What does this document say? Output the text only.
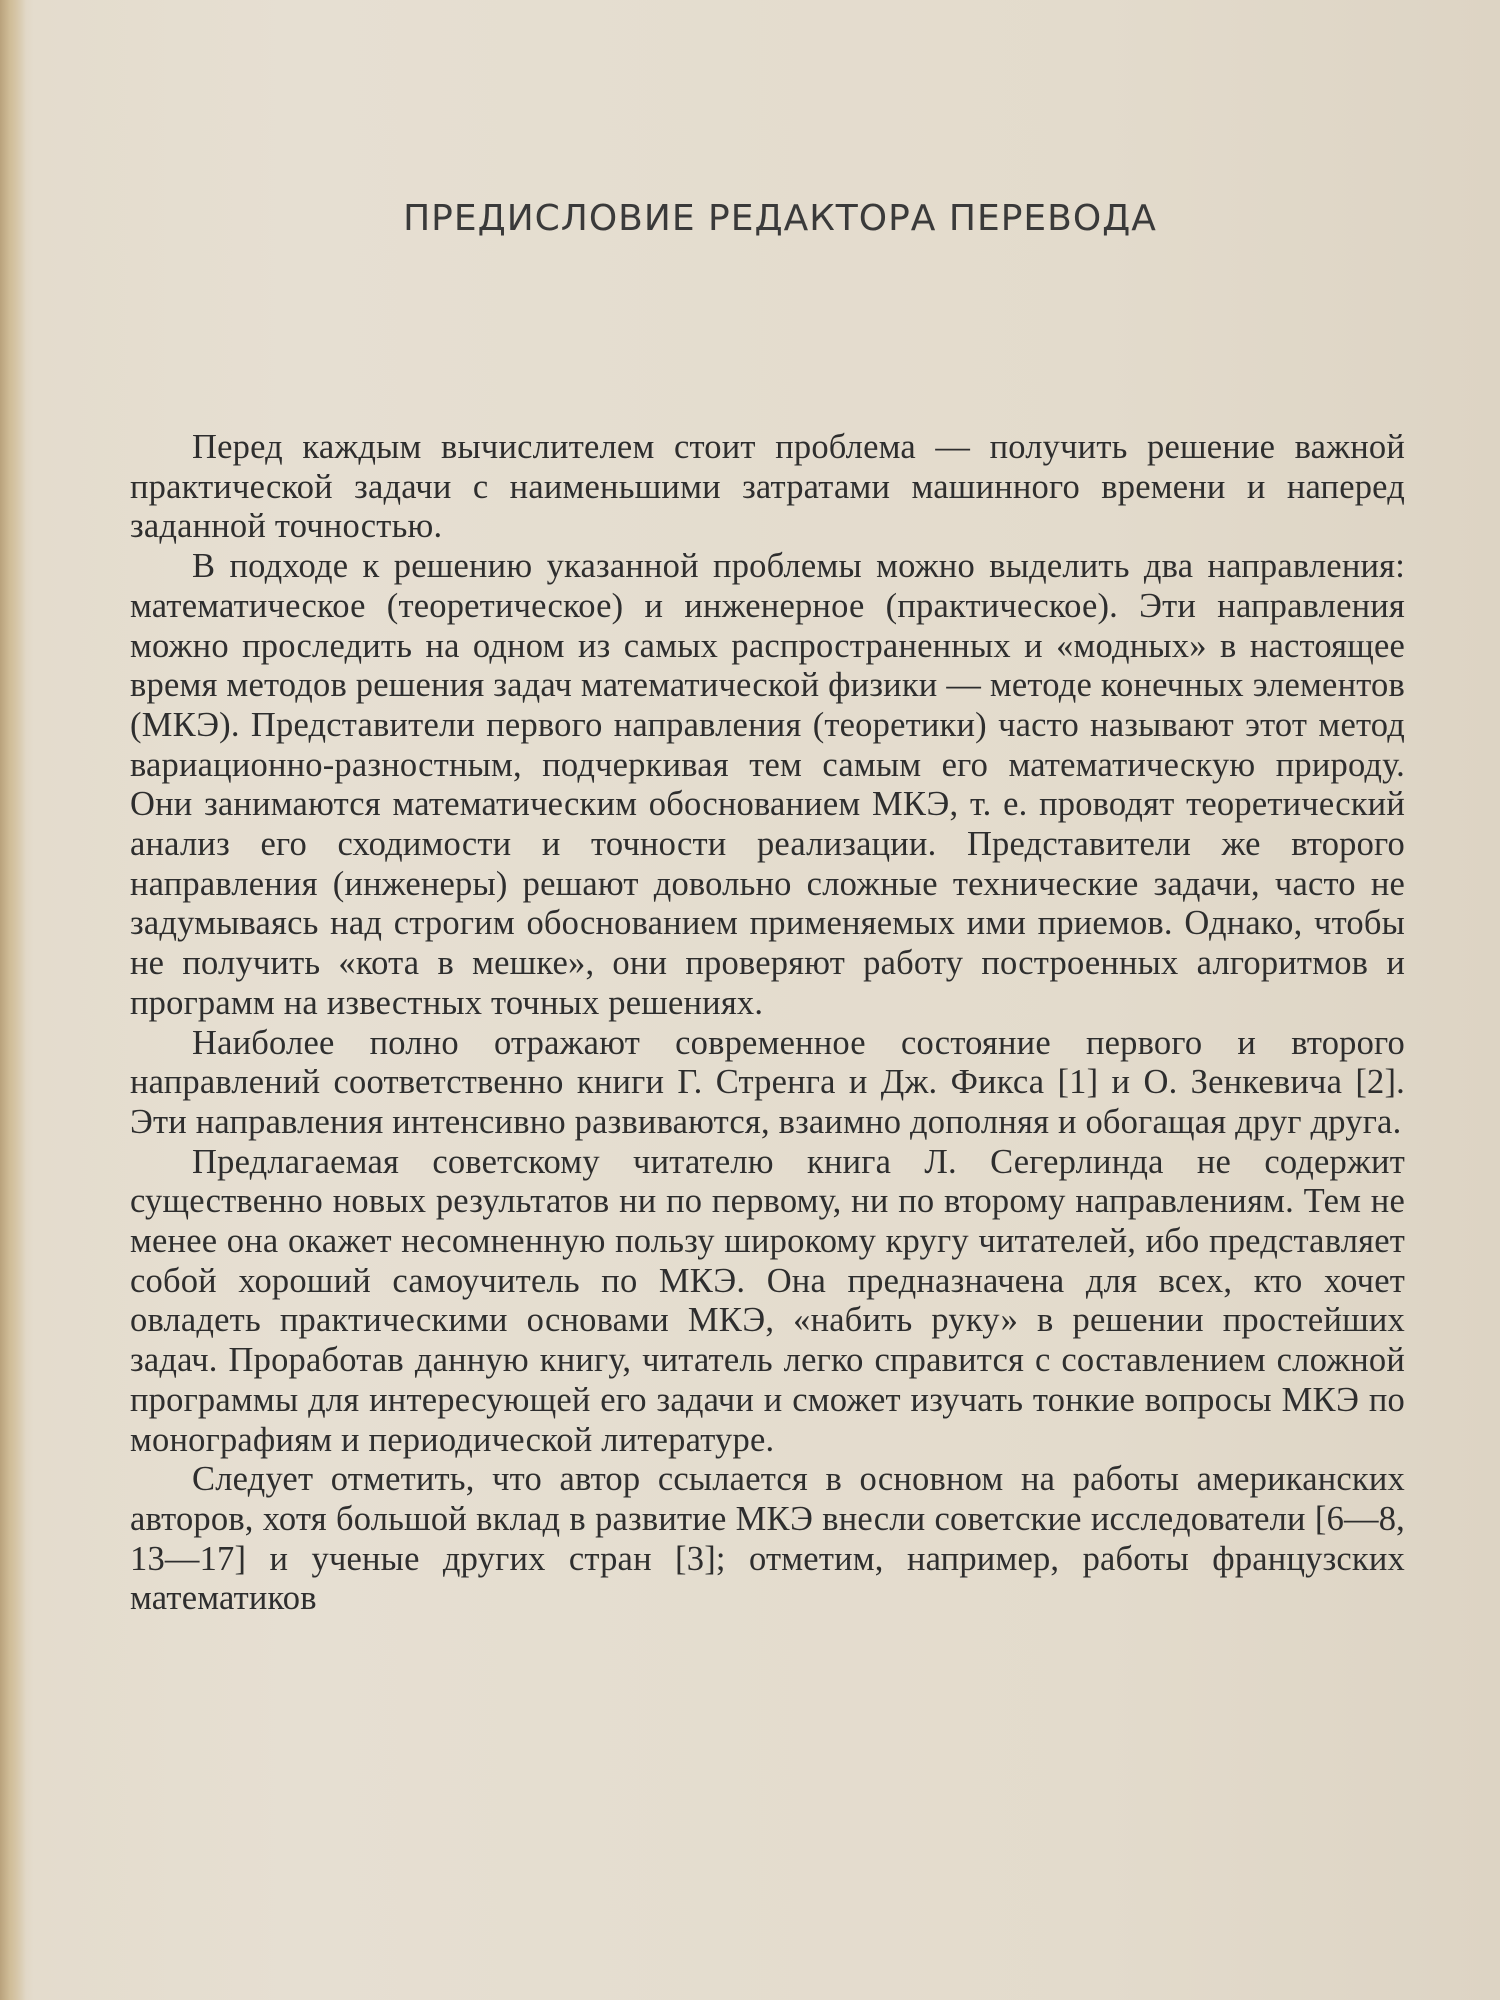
ПРЕДИСЛОВИЕ РЕДАКТОРА ПЕРЕВОДА

Перед каждым вычислителем стоит проблема — получить решение важной практической задачи с наименьшими затратами машинного времени и наперед заданной точностью.

В подходе к решению указанной проблемы можно выделить два направления: математическое (теоретическое) и инженерное (практическое). Эти направления можно проследить на одном из самых распространенных и «модных» в настоящее время методов решения задач математической физики — методе конечных элементов (МКЭ). Представители первого направления (теоретики) часто называют этот метод вариационно-разностным, подчеркивая тем самым его математическую природу. Они занимаются математическим обоснованием МКЭ, т. е. проводят теоретический анализ его сходимости и точности реализации. Представители же второго направления (инженеры) решают довольно сложные технические задачи, часто не задумываясь над строгим обоснованием применяемых ими приемов. Однако, чтобы не получить «кота в мешке», они проверяют работу построенных алгоритмов и программ на известных точных решениях.

Наиболее полно отражают современное состояние первого и второго направлений соответственно книги Г. Стренга и Дж. Фикса [1] и О. Зенкевича [2]. Эти направления интенсивно развиваются, взаимно дополняя и обогащая друг друга.

Предлагаемая советскому читателю книга Л. Сегерлинда не содержит существенно новых результатов ни по первому, ни по второму направлениям. Тем не менее она окажет несомненную пользу широкому кругу читателей, ибо представляет собой хороший самоучитель по МКЭ. Она предназначена для всех, кто хочет овладеть практическими основами МКЭ, «набить руку» в решении простейших задач. Проработав данную книгу, читатель легко справится с составлением сложной программы для интересующей его задачи и сможет изучать тонкие вопросы МКЭ по монографиям и периодической литературе.

Следует отметить, что автор ссылается в основном на работы американских авторов, хотя большой вклад в развитие МКЭ внесли советские исследователи [6—8, 13—17] и ученые других стран [3]; отметим, например, работы французских математиков
